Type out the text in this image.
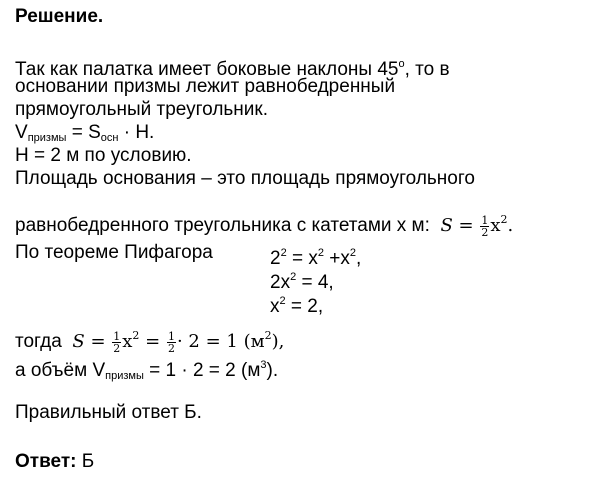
Решение.
Так как палатка имеет боковые наклоны $45^о$, то в
основании призмы лежит равнобедренный
прямоугольный треугольник.
$V_{призмы} = S_{осн} \cdot H$.
H = 2 м по условию.
Площадь основания – это площадь прямоугольного
равнобедренного треугольника с катетами x м: $S = \frac{1}{2} x^2$.
По теореме Пифагора	$2^2 = x^2 +x^2$,
$2x^2 = 4$,
$x^2 = 2$,
тогда $S = \frac{1}{2} x^2 = \frac{1}{2} \cdot 2 = 1$ $(м^2)$,
а объём $V_{призмы} = 1 \cdot 2 = 2$ $(м^3)$.
Правильный ответ Б.
Ответ: Б
